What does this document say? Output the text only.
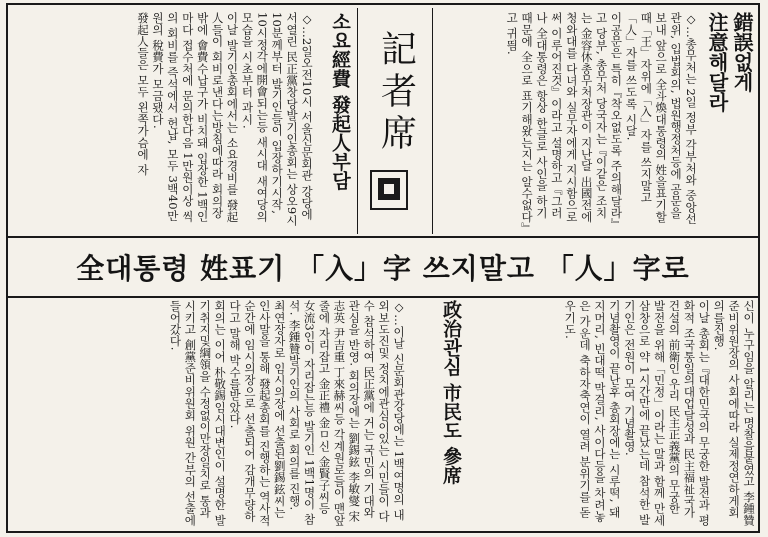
錯誤없게
注意해달라
◇…총무처는 2일 정부 각부처와 중앙선관위, 입법회의, 법원행정처등에 공문을 보내 앞으로 全斗煥대통령의 姓을표기할때「王」자위에「入」자를 쓰지말고「人」자를 쓰도록 시달.
이공문은 특히『착오없도록 주의해달라』고 당부, 총무처 당국자는『이같은 조치는 金容休총무처장관이 지난달 出國전에 청와대를 다녀와 실무자에게 지시함으로써 이루어진것』이라고 설명하고『그러나 全대통령은 항상 한글로 사인을 하기때문에 全으로 표기해왔는지는 알수없다』고 귀띔.
記者席
소요經費 發起人부담
◇…2일오전10시 서울신문회관 강당에서열린 民正黨창당발기인총회는 상오9시10분께부터 발기인들이 입장하기시작, 10시정각에開會되는등 새시대 새여당의 모습을 시초부터 과시.
이날 발기인총회에서는 소요경비를 發起人들이 회비로낸다는방침에따라 회의장밖에 會費수납구가 비치돼 입장한 1백인마다 접수처에 문의한다음 1만원이상 씩의 회비를 즉석에서 헌납, 모두 3백40만원의 稅費가 모금됐다.
發起人들은 모두 왼쪽가슴에 자
全대통령 姓표기 「入」字 쓰지말고 「人」字로
신이 누구임을 알리는 명찰을붙였고 李鍾贊준비위원장의 사회에따라 실제정연하게회의를진행.
이날 총회는『대한민국의 무궁한 발전과 평화적 조국통일의대업달성과 民主福祉국가 건설의 前衛인 우리 民主正義黨의 무궁한 발전을 위해「민정」이라는 말과 함께 만세삼창으로 약 1시간만에 끝났는데 참석한 발기인은 전원이 모여 기념촬영.
기념촬영이 끝난후 총회장에는 시루떡, 돼지머리, 빈대떡 막걸리, 사이다등을 차려놓은 가운데 축하자축연이 열려 분위기를 돋우기도.

政治관심 市民도 參席
◇…이날 신문회관강당에는 1백여명의 내외보도진및 정치에관심이있는 시민들이 다수 참석하여 民正黨에 거는 국민의 기대와 관심을 반영. 회의장에는 劉錫鉉 李敏燮 宋志英 尹吉重 丁來赫씨등 각계원로들이 맨앞줄에 자리잡고 金正禮 金ㅁ신 金賢子씨등 女流3인이 자리잡는등 발기인 1백1명이 참석. 李鍾贊발기인의 사회로 회의를 진행.
최연장자로 임시의장에 선출된劉錫鉉씨는 인사말을 통해 發起총회를 진행하는 역사적순간에 임시의장으로 선출되어 감개무량하다고 말해 박수를받았다.
회의는 이어 朴敬錫임시대변인이 설명한 발기취지및綱領을 수정없이만장일치로 통과시키고 創黨준비위원회 위원 간부의 선출에 들어갔다.
